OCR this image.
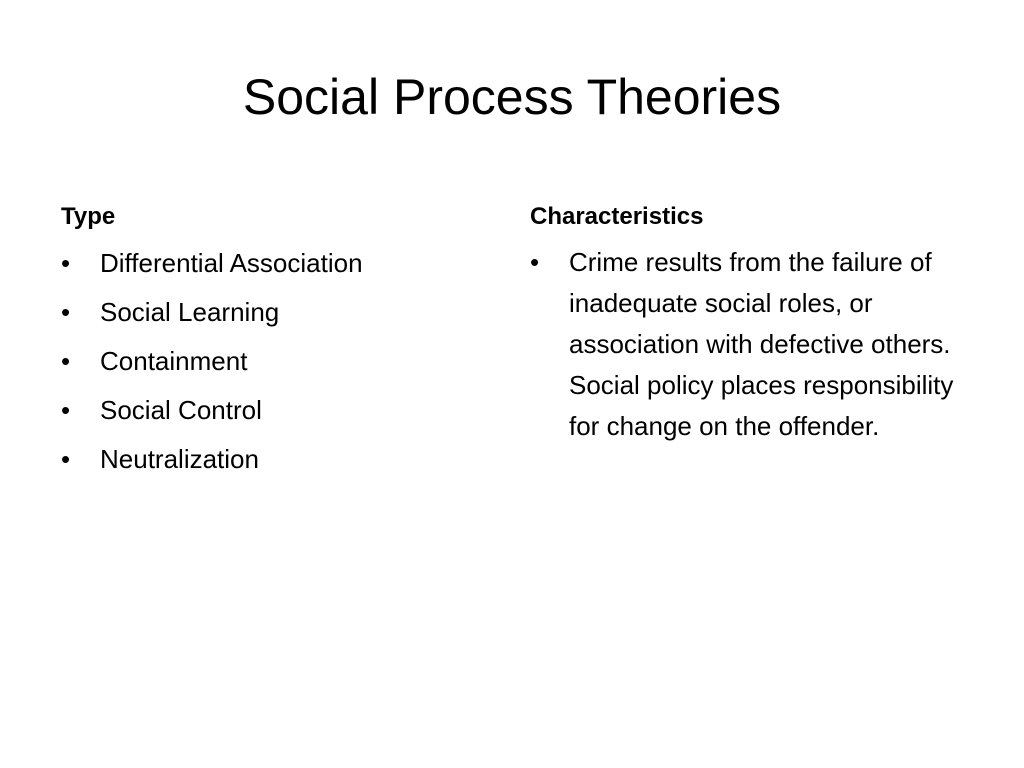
Social Process Theories
Type
• Differential Association
• Social Learning
• Containment
• Social Control
• Neutralization
Characteristics
• Crime results from the failure of inadequate social roles, or association with defective others. Social policy places responsibility for change on the offender.
